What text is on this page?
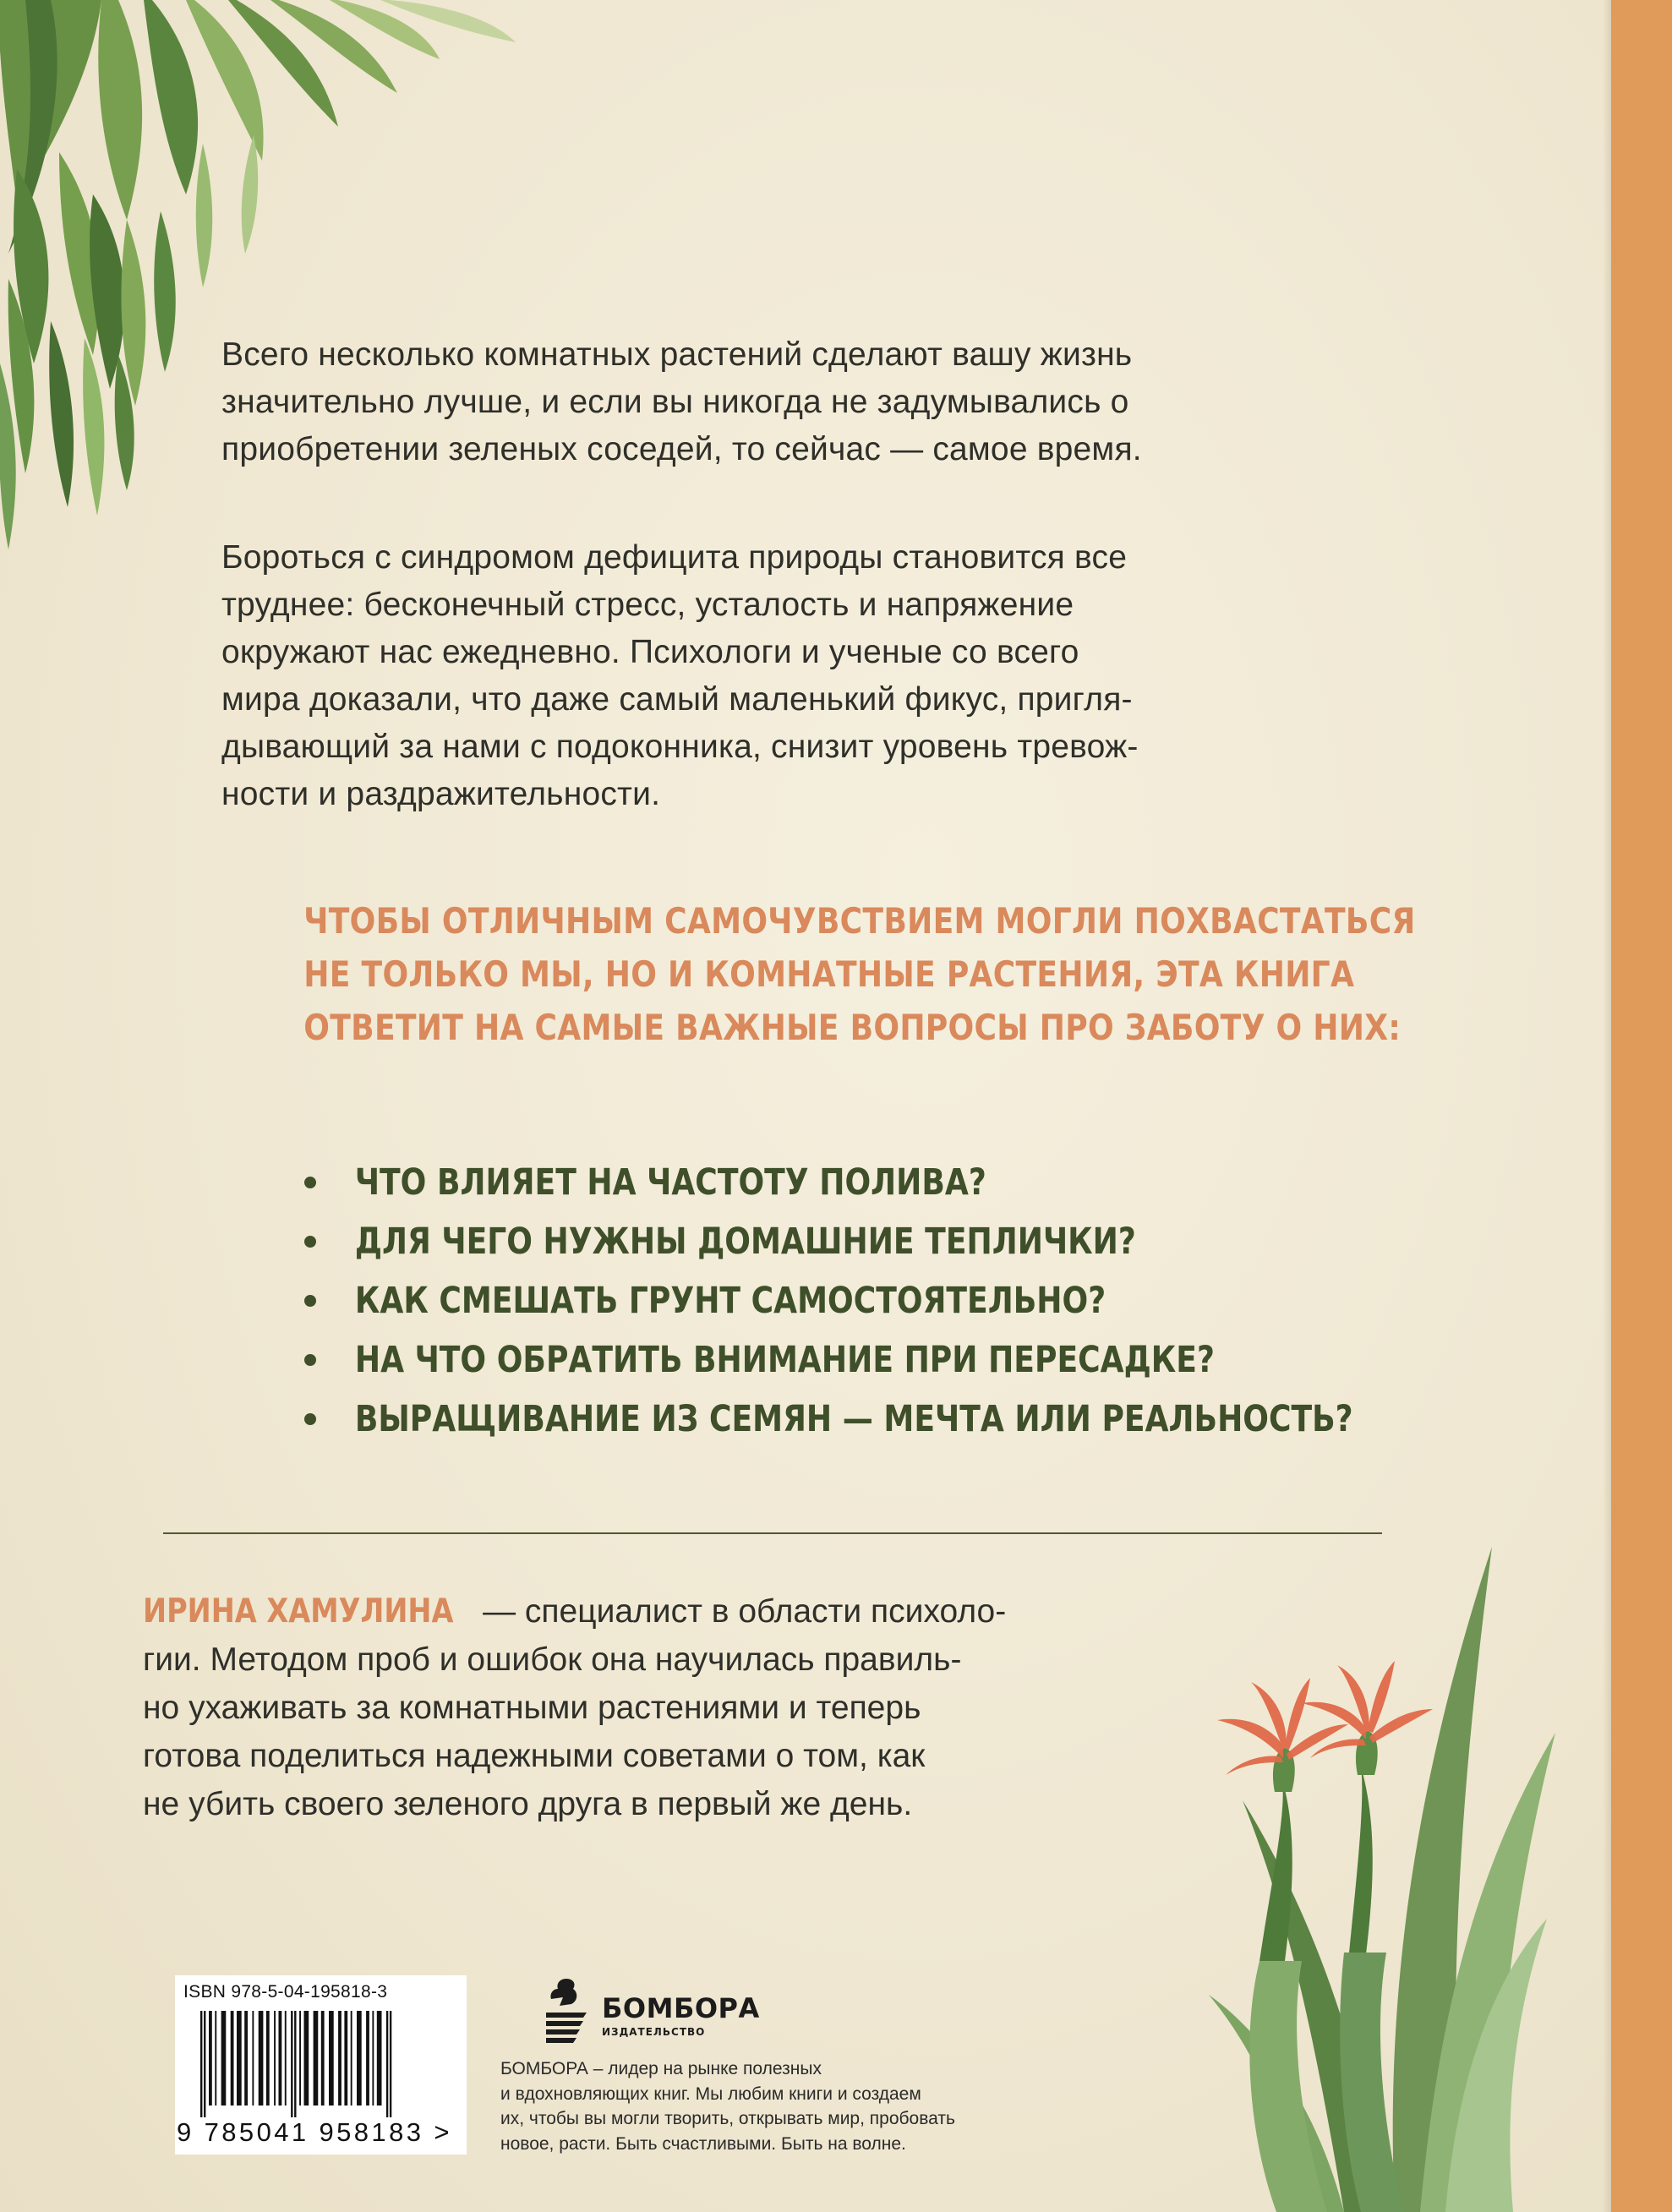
Всего несколько комнатных растений сделают вашу жизнь
значительно лучше, и если вы никогда не задумывались о
приобретении зеленых соседей, то сейчас — самое время.

Бороться с синдромом дефицита природы становится все
труднее: бесконечный стресс, усталость и напряжение
окружают нас ежедневно. Психологи и ученые со всего
мира доказали, что даже самый маленький фикус, пригля-
дывающий за нами с подоконника, снизит уровень тревож-
ности и раздражительности.

ЧТОБЫ ОТЛИЧНЫМ САМОЧУВСТВИЕМ МОГЛИ ПОХВАСТАТЬСЯ
НЕ ТОЛЬКО МЫ, НО И КОМНАТНЫЕ РАСТЕНИЯ, ЭТА КНИГА
ОТВЕТИТ НА САМЫЕ ВАЖНЫЕ ВОПРОСЫ ПРО ЗАБОТУ О НИХ:
ЧТО ВЛИЯЕТ НА ЧАСТОТУ ПОЛИВА?
ДЛЯ ЧЕГО НУЖНЫ ДОМАШНИЕ ТЕПЛИЧКИ?
КАК СМЕШАТЬ ГРУНТ САМОСТОЯТЕЛЬНО?
НА ЧТО ОБРАТИТЬ ВНИМАНИЕ ПРИ ПЕРЕСАДКЕ?
ВЫРАЩИВАНИЕ ИЗ СЕМЯН — МЕЧТА ИЛИ РЕАЛЬНОСТЬ?

ИРИНА ХАМУЛИНА — специалист в области психоло-
гии. Методом проб и ошибок она научилась правиль-
но ухаживать за комнатными растениями и теперь
готова поделиться надежными советами о том, как
не убить своего зеленого друга в первый же день.

ISBN 978-5-04-195818-3
9 785041 958183 >
БОМБОРА
ИЗДАТЕЛЬСТВО

БОМБОРА – лидер на рынке полезных
и вдохновляющих книг. Мы любим книги и создаем
их, чтобы вы могли творить, открывать мир, пробовать
новое, расти. Быть счастливыми. Быть на волне.
